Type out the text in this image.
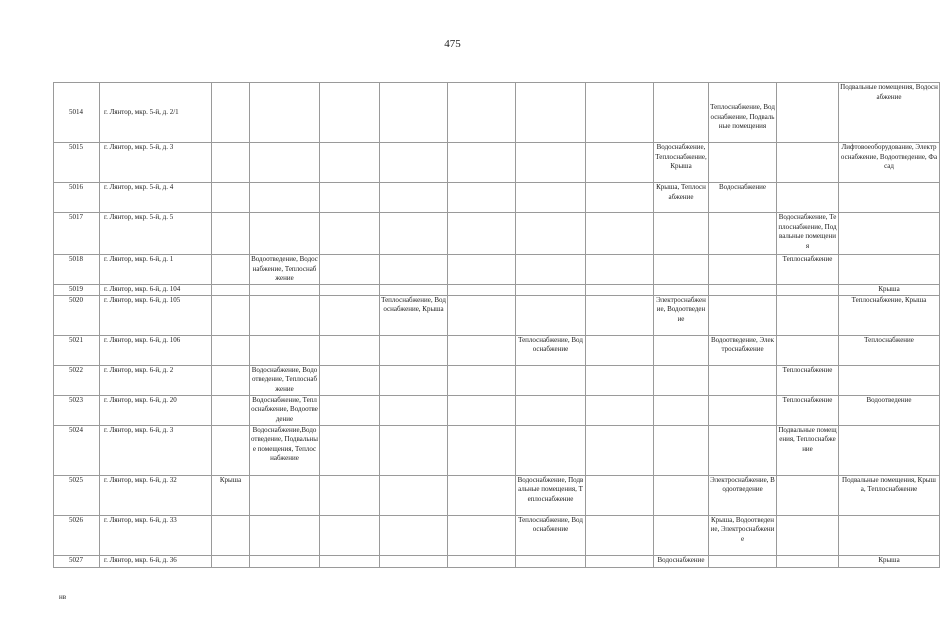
475
5014	г. Лянтор, мкр. 5-й, д. 2/1									Теплоснабжение, Водоснабжение, Подвальные помещения		Подвальные помещения, Водоснабжение
5015	г. Лянтор, мкр. 5-й, д. 3								Водоснабжение, Теплоснабжение, Крыша			Лифтовоеоборудование, Электроснабжение, Водоотведение, Фасад
5016	г. Лянтор, мкр. 5-й, д. 4								Крыша, Теплоснабжение	Водоснабжение		
5017	г. Лянтор, мкр. 5-й, д. 5										Водоснабжение, Теплоснабжение, Подвальные помещения	
5018	г. Лянтор, мкр. 6-й, д. 1		Водоотведение, Водоснабжение, Теплоснабжение								Теплоснабжение	
5019	г. Лянтор, мкр. 6-й, д. 104											Крыша
5020	г. Лянтор, мкр. 6-й, д. 105				Теплоснабжение, Водоснабжение, Крыша				Электроснабжение, Водоотведение			Теплоснабжение, Крыша
5021	г. Лянтор, мкр. 6-й, д. 106						Теплоснабжение, Водоснабжение			Водоотведение, Электроснабжение		Теплоснабжение
5022	г. Лянтор, мкр. 6-й, д. 2		Водоснабжение, Водоотведение, Теплоснабжение								Теплоснабжение	
5023	г. Лянтор, мкр. 6-й, д. 20		Водоснабжение, Теплоснабжение, Водоотведение								Теплоснабжение	Водоотведение
5024	г. Лянтор, мкр. 6-й, д. 3		Водоснабжение,Водоотведение, Подвальные помещения, Теплоснабжение								Подвальные помещения, Теплоснабжение	
5025	г. Лянтор, мкр. 6-й, д. 32	Крыша					Водоснабжение, Подвальные помещения, Теплоснабжение			Электроснабжение, Водоотведение		Подвальные помещения, Крыша, Теплоснабжение
5026	г. Лянтор, мкр. 6-й, д. 33						Теплоснабжение, Водоснабжение			Крыша, Водоотведение, Электроснабжение		
5027	г. Лянтор, мкр. 6-й, д. 36								Водоснабжение			Крыша
нв
